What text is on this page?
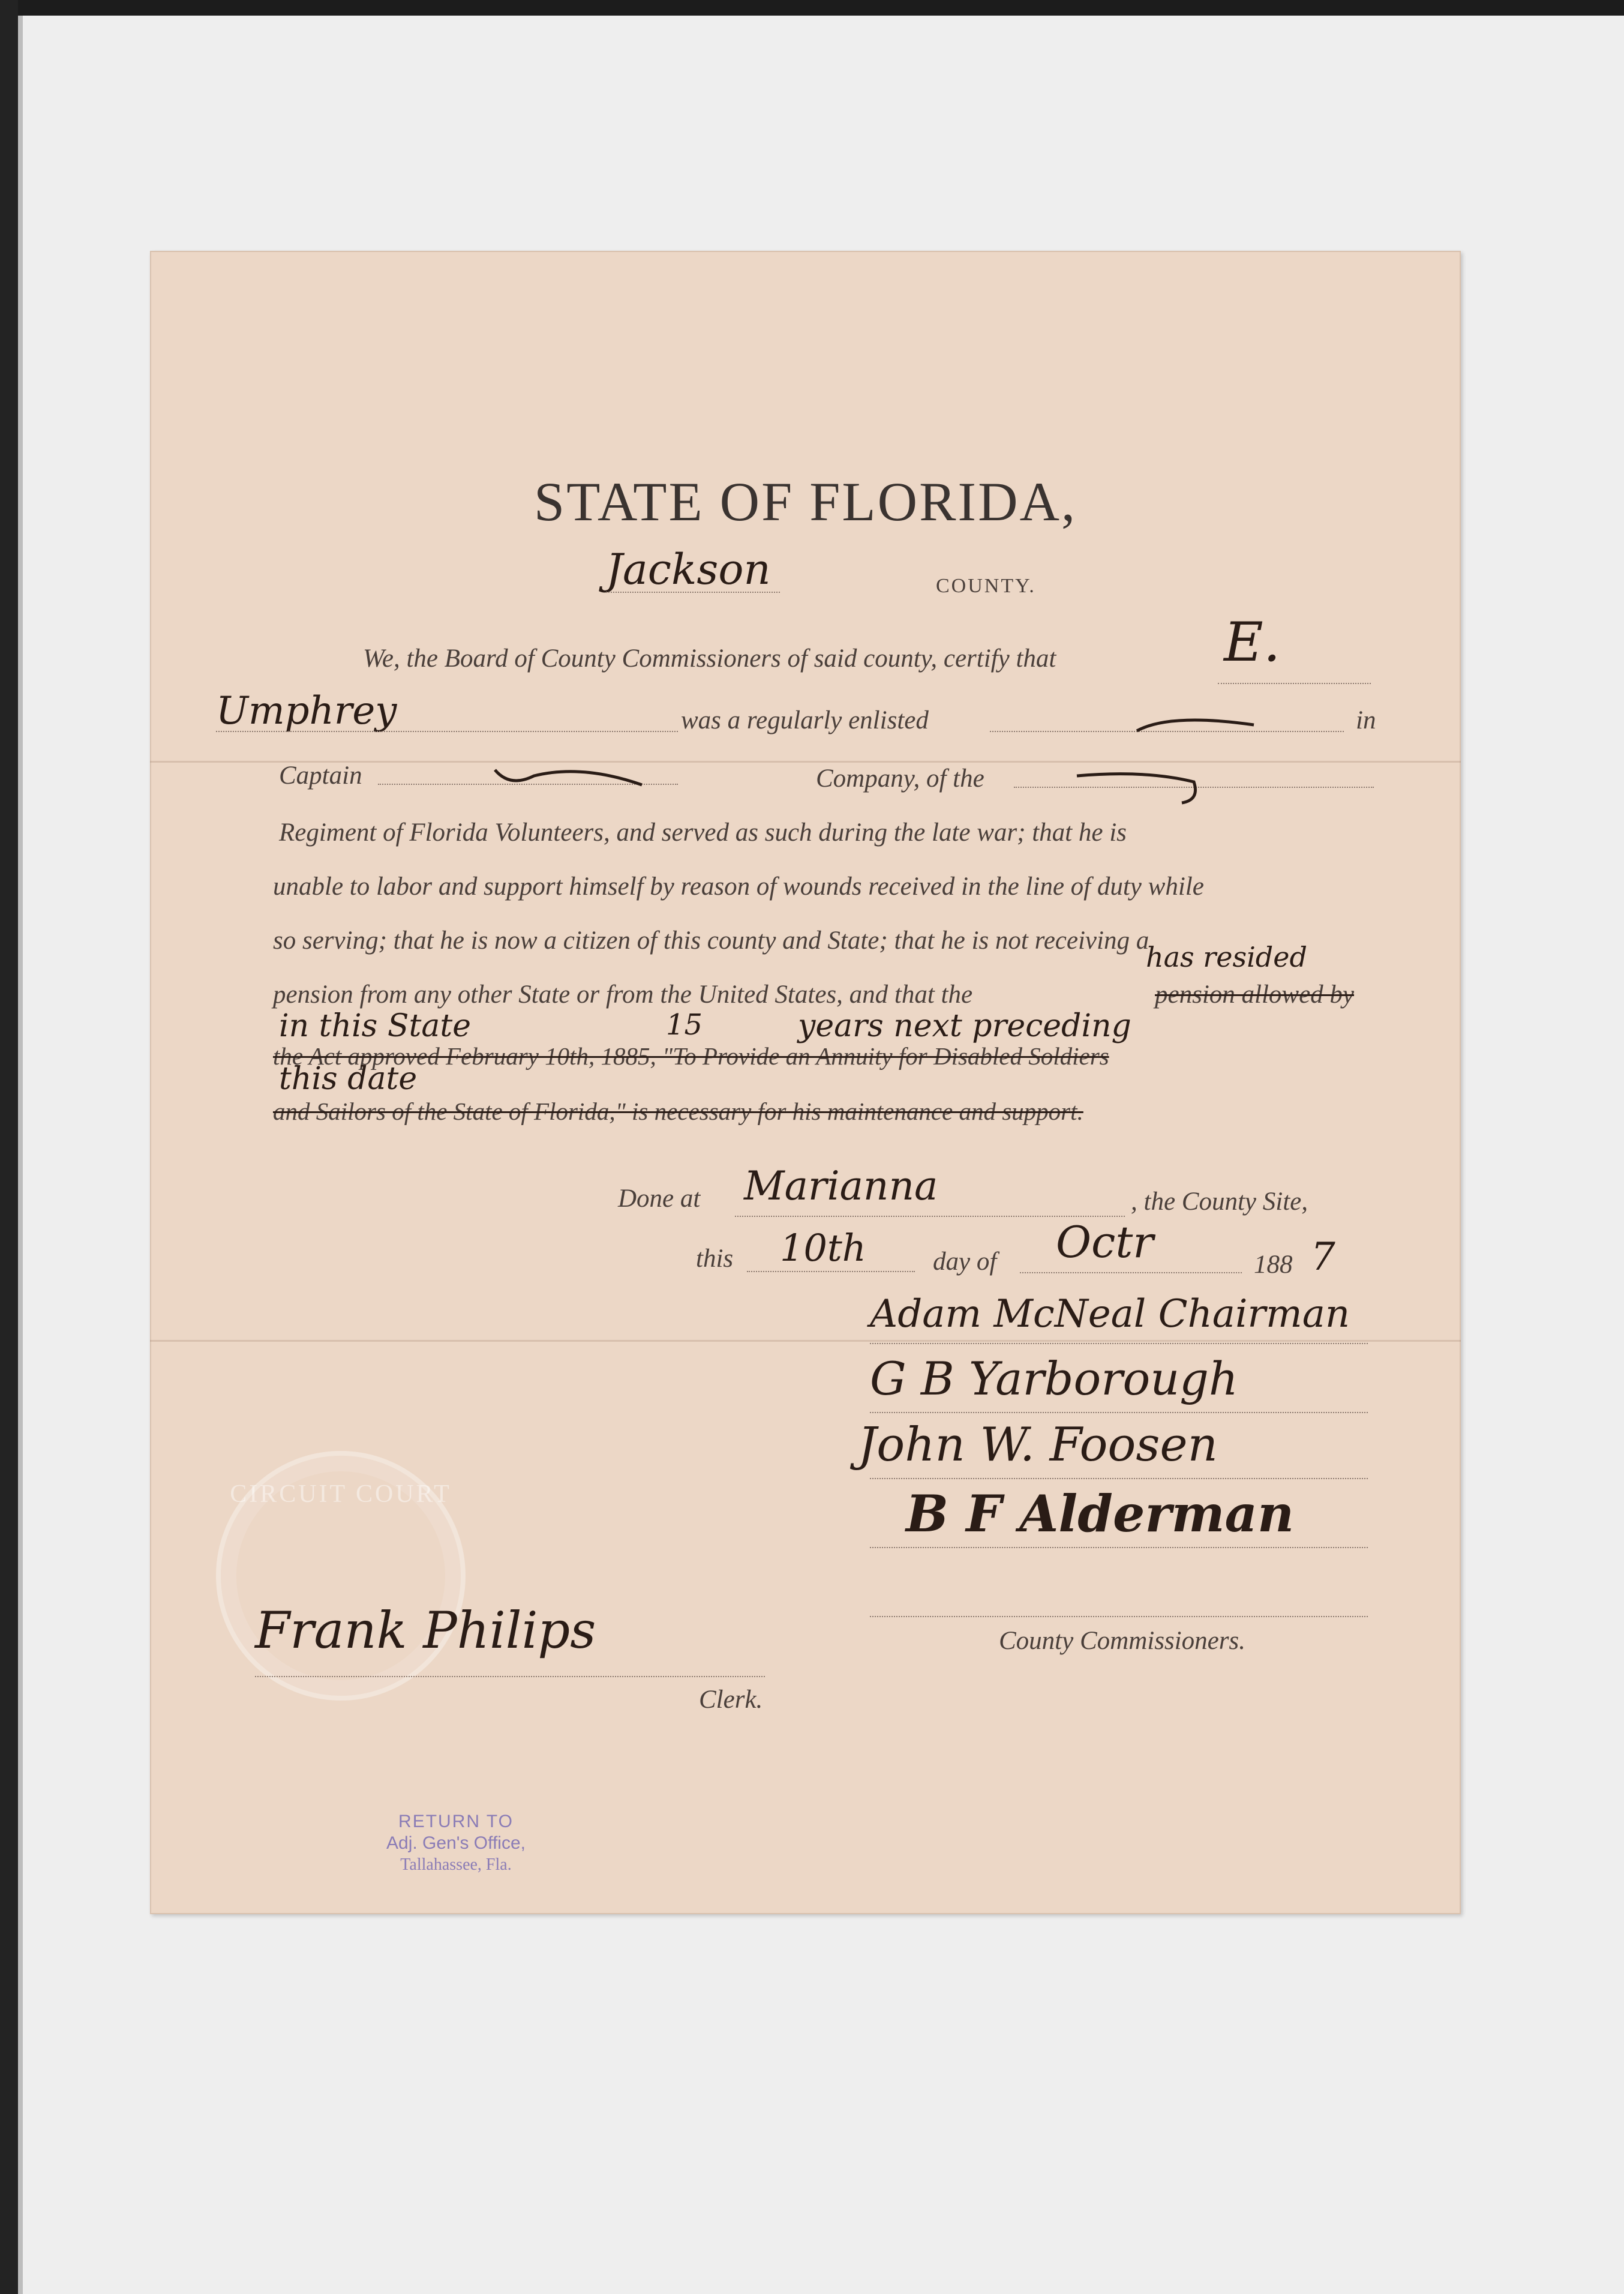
STATE OF FLORIDA,
Jackson	COUNTY.
We, the Board of County Commissioners of said county, certify that	E.
Umphrey	was a regularly enlisted	in
Captain	Company, of the
Regiment of Florida Volunteers, and served as such during the late war; that he is
unable to labor and support himself by reason of wounds received in the line of duty while
so serving; that he is now a citizen of this county and State; that he is not receiving a
pension from any other State or from the United States, and that the	pension allowed by
has resided
the Act approved February 10th, 1885, "To Provide an Annuity for Disabled Soldiers
in this State	15	years next preceding
this date
and Sailors of the State of Florida," is necessary for his maintenance and support.
Done at Marianna	, the County Site,
this 10th	day of Octr	188 7
Adam McNeal Chairman
G B Yarborough
John W. Foosen
B F Alderman
County Commissioners.
CIRCUIT COURT
Frank Philips
Clerk.
RETURN TO
Adj. Gen's Office,
Tallahassee, Fla.
